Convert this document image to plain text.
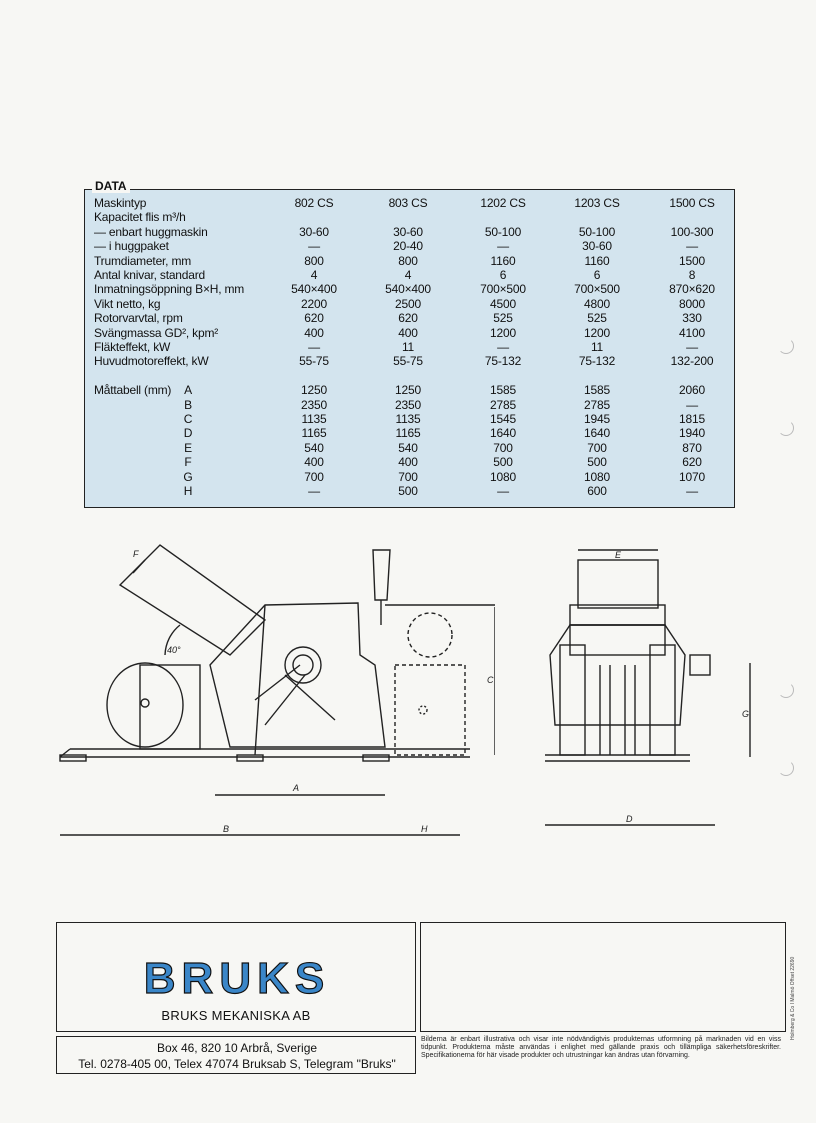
DATA
Maskintyp	802 CS	803 CS	1202 CS	1203 CS	1500 CS
Kapacitet flis m³/h
— enbart huggmaskin	30-60	30-60	50-100	50-100	100-300
— i huggpaket	—	20-40	—	30-60	—
Trumdiameter, mm	800	800	1160	1160	1500
Antal knivar, standard	4	4	6	6	8
Inmatningsöppning B×H, mm	540×400	540×400	700×500	700×500	870×620
Vikt netto, kg	2200	2500	4500	4800	8000
Rotorvarvtal, rpm	620	620	525	525	330
Svängmassa GD², kpm²	400	400	1200	1200	4100
Fläkteffekt, kW	—	11	—	11	—
Huvudmotoreffekt, kW	55-75	55-75	75-132	75-132	132-200
Måttabell (mm)	A	1250	1250	1585	1585	2060
B	2350	2350	2785	2785	—
C	1135	1135	1545	1945	1815
D	1165	1165	1640	1640	1940
E	540	540	700	700	870
F	400	400	500	500	620
G	700	700	1080	1080	1070
H	—	500	—	600	—
A
B
C
F
H
40°
E
D
G
BRUKS
BRUKS MEKANISKA AB
Box 46, 820 10 Arbrå, Sverige
Tel. 0278-405 00, Telex 47074 Bruksab S, Telegram "Bruks"
Bilderna är enbart illustrativa och visar inte nödvändigtvis produkternas utformning på marknaden vid en viss tidpunkt. Produkterna måste användas i enlighet med gällande praxis och tillämpliga säkerhetsföreskrifter. Specifikationerna för här visade produkter och utrustningar kan ändras utan förvarning.
Holmberg & Co I Malmö Offset 22690
